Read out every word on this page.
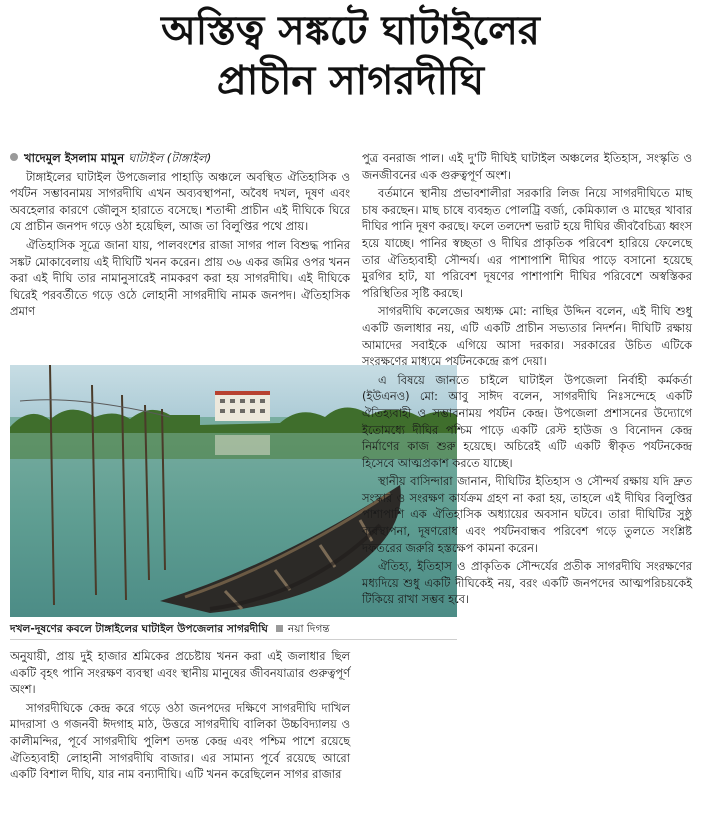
অস্তিত্ব সঙ্কটে ঘাটাইলের
প্রাচীন সাগরদীঘি

খাদেমুল ইসলাম মামুন ঘাটাইল (টাঙ্গাইল)

টাঙ্গাইলের ঘাটাইল উপজেলার পাহাড়ি অঞ্চলে অবস্থিত ঐতিহাসিক ও পর্যটন সম্ভাবনাময় সাগরদীঘি এখন অব্যবস্থাপনা, অবৈধ দখল, দূষণ এবং অবহেলার কারণে জৌলুস হারাতে বসেছে। শতাব্দী প্রাচীন এই দীঘিকে ঘিরে যে প্রাচীন জনপদ গড়ে ওঠা হয়েছিল, আজ তা বিলুপ্তির পথে প্রায়।

ঐতিহাসিক সূত্রে জানা যায়, পালবংশের রাজা সাগর পাল বিশুদ্ধ পানির সঙ্কট মোকাবেলায় এই দীঘিটি খনন করেন। প্রায় ৩৬ একর জমির ওপর খনন করা এই দীঘি তার নামানুসারেই নামকরণ করা হয় সাগরদীঘি। এই দীঘিকে ঘিরেই পরবর্তীতে গড়ে ওঠে লোহানী সাগরদীঘি নামক জনপদ। ঐতিহাসিক প্রমাণ

দখল-দূষণের কবলে টাঙ্গাইলের ঘাটাইল উপজেলার সাগরদীঘি নয়া দিগন্ত

অনুযায়ী, প্রায় দুই হাজার শ্রমিকের প্রচেষ্টায় খনন করা এই জলাধার ছিল একটি বৃহৎ পানি সংরক্ষণ ব্যবস্থা এবং স্থানীয় মানুষের জীবনযাত্রার গুরুত্বপূর্ণ অংশ।

সাগরদীঘিকে কেন্দ্র করে গড়ে ওঠা জনপদের দক্ষিণে সাগরদীঘি দাখিল মাদরাসা ও গজনবী ঈদগাহ মাঠ, উত্তরে সাগরদীঘি বালিকা উচ্চবিদ্যালয় ও কালীমন্দির, পূর্বে সাগরদীঘি পুলিশ তদন্ত কেন্দ্র এবং পশ্চিম পাশে রয়েছে ঐতিহ্যবাহী লোহানী সাগরদীঘি বাজার। এর সামান্য পূর্বে রয়েছে আরো একটি বিশাল দীঘি, যার নাম বন্যাদীঘি। এটি খনন করেছিলেন সাগর রাজার

পুত্র বনরাজ পাল। এই দু'টি দীঘিই ঘাটাইল অঞ্চলের ইতিহাস, সংস্কৃতি ও জনজীবনের এক গুরুত্বপূর্ণ অংশ।

বর্তমানে স্থানীয় প্রভাবশালীরা সরকারি লিজ নিয়ে সাগরদীঘিতে মাছ চাষ করছেন। মাছ চাষে ব্যবহৃত পোলট্রি বর্জ্য, কেমিক্যাল ও মাছের খাবার দীঘির পানি দূষণ করছে। ফলে তলদেশ ভরাট হয়ে দীঘির জীববৈচিত্র্য ধ্বংস হয়ে যাচ্ছে। পানির স্বচ্ছতা ও দীঘির প্রাকৃতিক পরিবেশ হারিয়ে ফেলেছে তার ঐতিহ্যবাহী সৌন্দর্য। এর পাশাপাশি দীঘির পাড়ে বসানো হয়েছে মুরগির হাট, যা পরিবেশ দূষণের পাশাপাশি দীঘির পরিবেশে অস্বস্তিকর পরিস্থিতির সৃষ্টি করছে।

সাগরদীঘি কলেজের অধ্যক্ষ মো: নাছির উদ্দিন বলেন, এই দীঘি শুধু একটি জলাধার নয়, এটি একটি প্রাচীন সভ্যতার নিদর্শন। দীঘিটি রক্ষায় আমাদের সবাইকে এগিয়ে আসা দরকার। সরকারের উচিত এটিকে সংরক্ষণের মাধ্যমে পর্যটনকেন্দ্রে রূপ দেয়া।

এ বিষয়ে জানতে চাইলে ঘাটাইল উপজেলা নির্বাহী কর্মকর্তা (ইউএনও) মো: আবু সাঈদ বলেন, সাগরদীঘি নিঃসন্দেহে একটি ঐতিহ্যবাহী ও সম্ভাবনাময় পর্যটন কেন্দ্র। উপজেলা প্রশাসনের উদ্যোগে ইতোমধ্যে দীঘির পশ্চিম পাড়ে একটি রেস্ট হাউজ ও বিনোদন কেন্দ্র নির্মাণের কাজ শুরু হয়েছে। অচিরেই এটি একটি স্বীকৃত পর্যটনকেন্দ্র হিসেবে আত্মপ্রকাশ করতে যাচ্ছে।

স্থানীয় বাসিন্দারা জানান, দীঘিটির ইতিহাস ও সৌন্দর্য রক্ষায় যদি দ্রুত সংস্কার ও সংরক্ষণ কার্যক্রম গ্রহণ না করা হয়, তাহলে এই দীঘির বিলুপ্তির পাশাপাশি এক ঐতিহাসিক অধ্যায়ের অবসান ঘটবে। তারা দীঘিটির সুষ্ঠু ব্যবস্থাপনা, দূষণরোধ এবং পর্যটনবান্ধব পরিবেশ গড়ে তুলতে সংশ্লিষ্ট দফতরের জরুরি হস্তক্ষেপ কামনা করেন।

ঐতিহ্য, ইতিহাস ও প্রাকৃতিক সৌন্দর্যের প্রতীক সাগরদীঘি সংরক্ষণের মধ্যদিয়ে শুধু একটি দীঘিকেই নয়, বরং একটি জনপদের আত্মপরিচয়কেই টিকিয়ে রাখা সম্ভব হবে।
